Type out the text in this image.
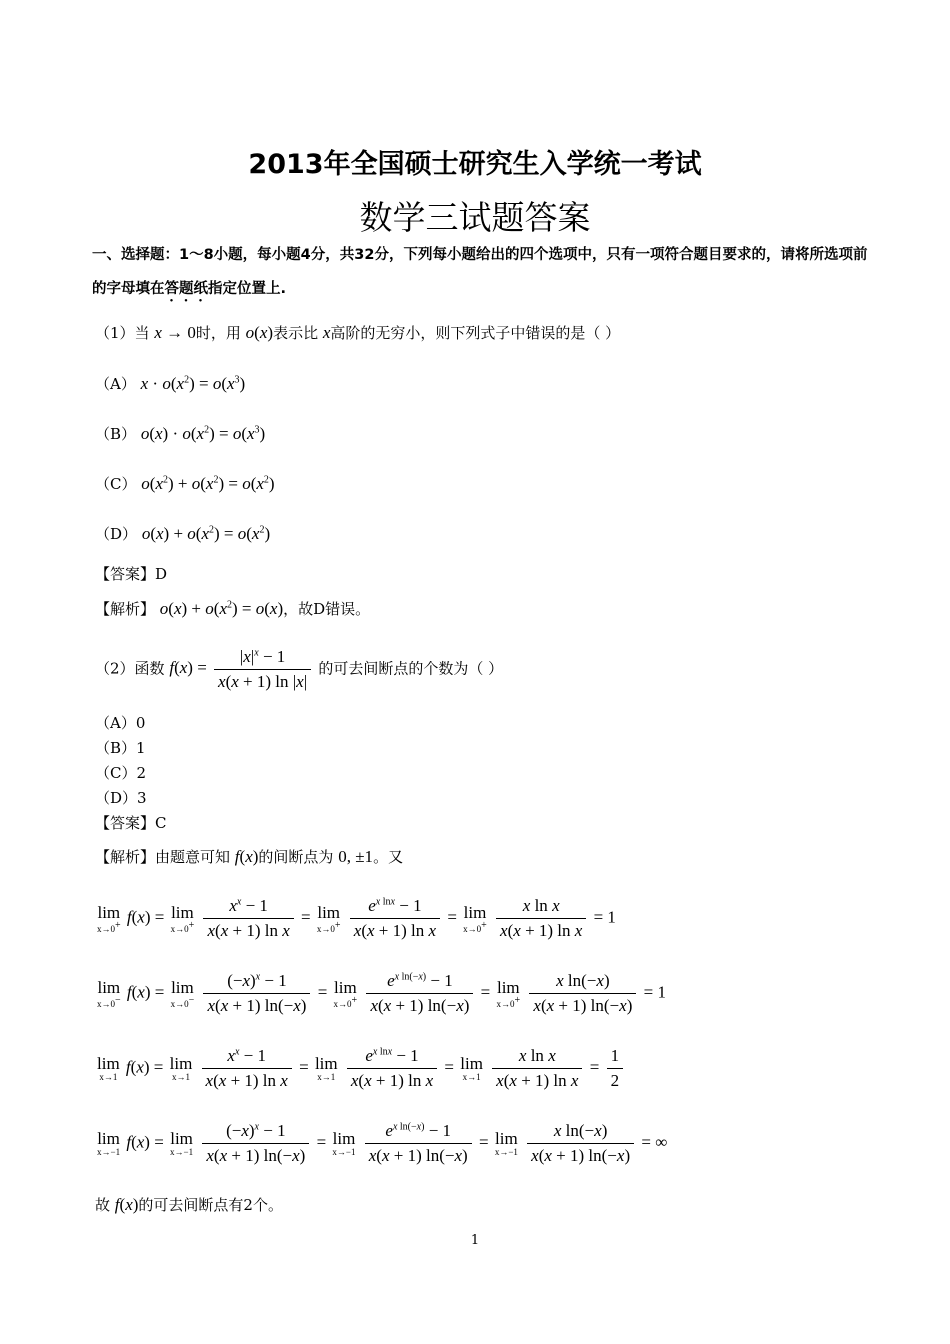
2013年全国硕士研究生入学统一考试
数学三试题答案
一、选择题：1～8小题，每小题4分，共32分，下列每小题给出的四个选项中，只有一项符合题目要求的，请将所选项前的字母填在答题纸指定位置上.
（1）当 x → 0时，用 o(x)表示比 x高阶的无穷小，则下列式子中错误的是（ ）
（A） $x \cdot o(x^2) = o(x^3)$
（B） $o(x) \cdot o(x^2) = o(x^3)$
（C） $o(x^2) + o(x^2) = o(x^2)$
（D） $o(x) + o(x^2) = o(x^2)$
【答案】D
【解析】 $o(x) + o(x^2) = o(x)$，故D错误。
（2）函数 $f(x) = \frac{|x|^x - 1}{x(x + 1) \ln |x|}$ 的可去间断点的个数为（ ）
（A）0
（B）1
（C）2
（D）3
【答案】C
【解析】由题意可知 f(x)的间断点为 0, ±1。又
lim
x→0+ f(x) = lim
x→0+
$\frac{x^x - 1}{\text{x(x + 1) ln x}} = \lim$
x→0+
$\frac{e^{x lnx} - 1}{\text{x(x + 1) ln x}} = \lim$
x→0+
$\frac{\text{x ln x}}{\text{x(x + 1) ln x}} = 1$
lim
x→0− f(x) = lim
x→0−
$\frac{(-x)^x - 1}{x(x + 1) \ln(-x)} = \lim$
x→0+
$\frac{e^{x ln(-x)} - 1}{x(x + 1) \ln(-x)} = \lim$
x→0+
$\frac{\text{x ln(−x)}}{x(x + 1) \ln(-x)} = 1$
lim
x→1
f(x) = lim
x→1
$\frac{x^x - 1}{\text{x(x + 1) ln x}} = \lim$
x→1
$\frac{e^{x lnx} - 1}{\text{x(x + 1) ln x}} = \lim$
x→1
$\frac{\text{x ln x}}{\text{x(x + 1) ln x}} = \frac{1}{2}$
lim
x→−1
f(x) = lim
x→−1
$\frac{(-x)^x - 1}{x(x + 1) \ln(-x)} = \lim$
x→−1
$\frac{e^{x ln(-x)} - 1}{x(x + 1) \ln(-x)} = \lim$
x→−1
$\frac{\text{x ln(−x)}}{x(x + 1) \ln(-x)}$ = ∞
故 f(x)的可去间断点有2个。
1
